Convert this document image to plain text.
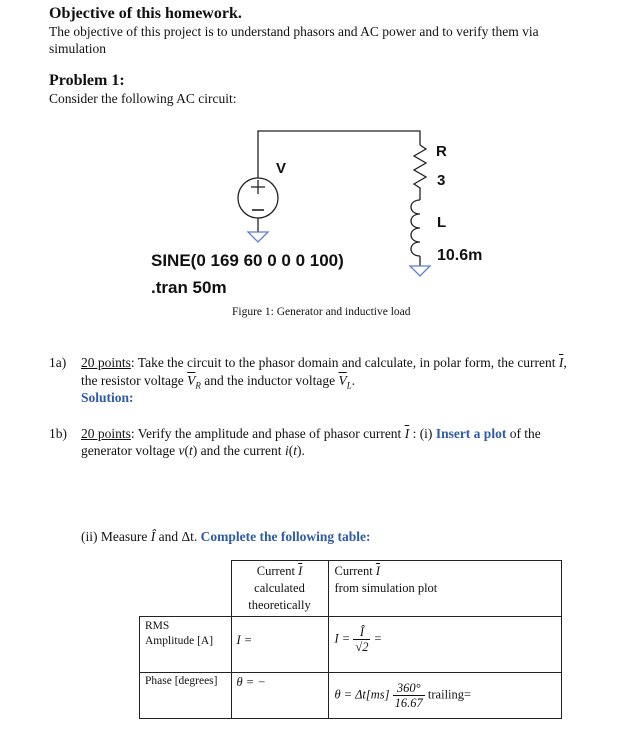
Objective of this homework.
The objective of this project is to understand phasors and AC power and to verify them via simulation
Problem 1:
Consider the following AC circuit:
V
R
3
L
10.6m
SINE(0 169 60 0 0 0 100)
.tran 50m
Figure 1: Generator and inductive load
1a) 20 points: Take the circuit to the phasor domain and calculate, in polar form, the current $\overline{I}$,
the resistor voltage $\overline{V}_R$ and the inductor voltage $\overline{V}_L$.
Solution:
1b) 20 points: Verify the amplitude and phase of phasor current $\overline{I}$ : (i) Insert a plot of the
generator voltage v(t) and the current i(t).
(ii) Measure Î and Δt. Complete the following table:
	Current $\overline{I}$
calculated
theoretically	Current $\overline{I}$
from simulation plot
RMS
Amplitude [A]	I =	$I = \frac{Î}{√2}$ =
Phase [degrees]	θ = −	$\theta = \Delta t[ms] \frac{360^\circ}{16.67}$ trailing=
